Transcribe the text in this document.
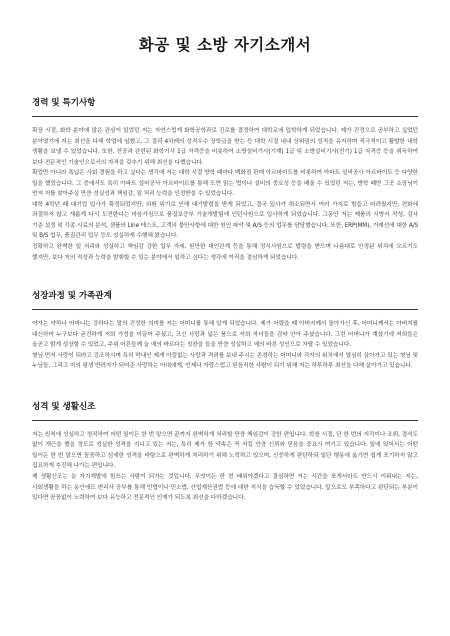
화공 및 소방 자기소개서
경력 및 특기사항

확장 시절, 화학 분야에 많은 관심이 있었던 저는 자연스럽게 화학공학과로 진로를 결정하여 대학교에 입학하게 되었습니다. 제가 진정으로 공부하고 싶었던 분야였기에 저는 최선을 다해 학업에 임했고, 그 결과 4차례의 성적우수 장학금을 받는 등 대학 시절 내내 상위권의 성적을 유지하며 적극적이고 활발한 대학 생활을 보낼 수 있었습니다. 또한, 전공과 관련된 화학기사 1급 자격증을 비롯하여 소방설비기사(기계) 1급 및 소방설비기사(전기) 1급 자격증 등을 취득하여 보다 전문적인 기술인으로서의 자격을 갖추기 위해 최선을 다했습니다.

확업만 아니라 폭넓은 사회 경험을 하고 싶다는 생각에 저는 대학 시절 방학 때마다 백화점 판매 아르바이트를 비롯하여 아파트 설비공사 아르바이트 등 다양한 일을 했었습니다. 그 중에서도 특히 아파트 설비공사 아르바이트를 통해 도면 읽는 법이나 설비의 중요성 등을 배울 수 있었던 저는, 방학 때면 그곳 소장님이 먼저 저를 찾아주실 만큼 성실성과 책임감, 일 처리 능력을 인정받을 수 있었습니다.

대학 4학년 때 대기업 입사가 확정되었지만, 외환 위기로 인해 대기발령을 받게 되었고, 결국 입사가 취소되면서 여러 가지로 힘들고 어려웠지만, 전화에 좌절하지 않고 새롭게 다시 도전한다는 마음가짐으로 품질보증부 기술개발팀에 인턴사원으로 입사하게 되었습니다. 그동안 저는 제품의 시방서 작성, 검사 기준 설정 및 각종 시료의 분석, 샘플의 Line 테스트, 고객의 불만사항에 대한 원인 파악 및 A/S 등의 업무를 담당했습니다. 또한, ERP(MM), 거래선에 대한 A/S 및 B/S 업무, 품질관리 업무 등도 성실하게 수행해 왔습니다.

정확하고 완벽한 일 처리와 성실하고 책임감 강한 업무 자세, 원만한 대인관계 등을 통해 정식사원으로 발령을 받으며 나름대로 안정된 위치에 오르기도 했지만, 보다 저의 적성과 능력을 발휘할 수 있는 분야에서 일하고 싶다는 생각에 이직을 결심하게 되었습니다.

성장과정 및 가족관계

여자는 약하나 어머니는 강하다는 말의 진정한 의미를 저는 어머니를 통해 알게 되었습니다. 제가 어렸을 때 아버지께서 돌아가신 후, 어머니께서는 아버지를 대신하여 누구보다 굳건하게 저희 가정을 이끌어 주셨고, 크신 사랑과 넓은 품으로 저희 자녀들을 감싸 안아 주셨습니다. 그런 어머니가 계셨기에 저희들은 올곧고 밝게 성장할 수 있었고, 주위 어른들께 늘 예의 바르다는 칭찬을 들을 만큼 성실하고 예의 바른 성인으로 자랄 수 있었습니다.

형님 먼저 사랑이 되라고 강조하시며 특히 막내인 제게 아낌없는 사랑과 격려를 보내 주시는 존경하는 어머니와 각자의 위치에서 열심히 살아가고 있는 형님 및 누님들, 그리고 저의 평생 반려자가 되어준 사랑하는 아내에게, 언제나 자랑스럽고 믿음직한 사람이 되기 위해 저는 하루하루 최선을 다해 살아가고 있습니다.

성격 및 생활신조

저는 원칙에 성실하고 정직하여 어떤 일이든 한 번 맡으면 끝까지 완벽하게 처리할 만큼 책임감이 강한 편입니다. 학창 시절, 단 한 번의 지각이나 조퇴, 결석도 없이 개근을 했을 정도로 성실한 성격을 지니고 있는 저는, 특히 제가 한 약속은 꼭 지킬 만큼 신뢰와 믿음을 중요시 여기고 있습니다. 일에 있어서는 어떤 일이든 한 번 맡으면 꼼꼼하고 섬세한 성격을 바탕으로 완벽하게 처리하기 위해 노력하고 있으며, 신중하게 판단하되 일단 행동에 옮기면 쉽게 포기하지 않고 집요하게 추진해 나가는 편입니다.

제 생활신조는 늘 자기계발에 힘쓰는 사람이 되자는 것입니다. 무엇이든 한 번 배워야겠다고 결심하면 저는 시간을 쪼개서라도 반드시 이뤄내는 저는, 사회생활을 하는 동안에도 변리사 공부를 통해 민법이나 민소법, 산업재산권법 등에 대한 지식을 습득할 수 있었습니다. 앞으로도 부족하다고 판단되는 부분이 있다면 꼼꼼없이 노력하여 보다 유능하고 전문적인 인재가 되도록 최선을 다하겠습니다.
